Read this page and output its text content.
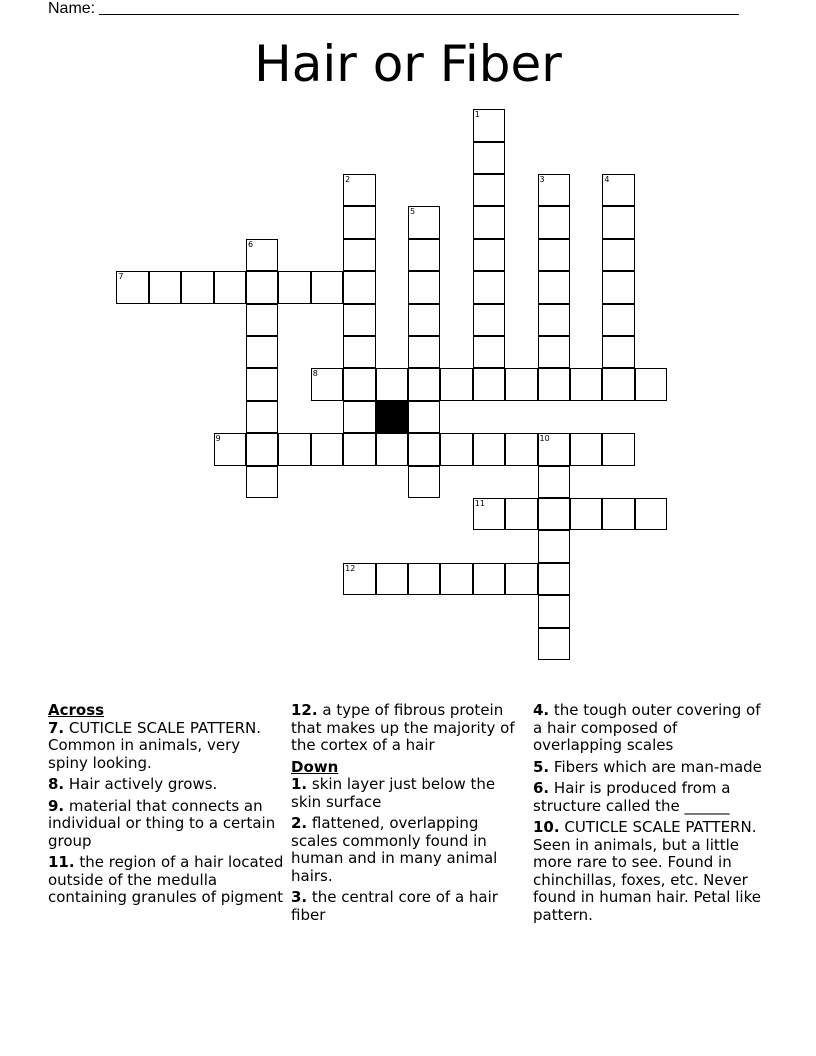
Name:
Hair or Fiber
1
2	3	4
5
6
7
8
9	10
11
12
Across
7. CUTICLE SCALE PATTERN. Common in animals, very spiny looking.
8. Hair actively grows.
9. material that connects an individual or thing to a certain group
11. the region of a hair located outside of the medulla containing granules of pigment
12. a type of fibrous protein that makes up the majority of the cortex of a hair
Down
1. skin layer just below the skin surface
2. flattened, overlapping scales commonly found in human and in many animal hairs.
3. the central core of a hair fiber
4. the tough outer covering of a hair composed of overlapping scales
5. Fibers which are man-made
6. Hair is produced from a structure called the ______
10. CUTICLE SCALE PATTERN. Seen in animals, but a little more rare to see. Found in chinchillas, foxes, etc. Never found in human hair. Petal like pattern.
